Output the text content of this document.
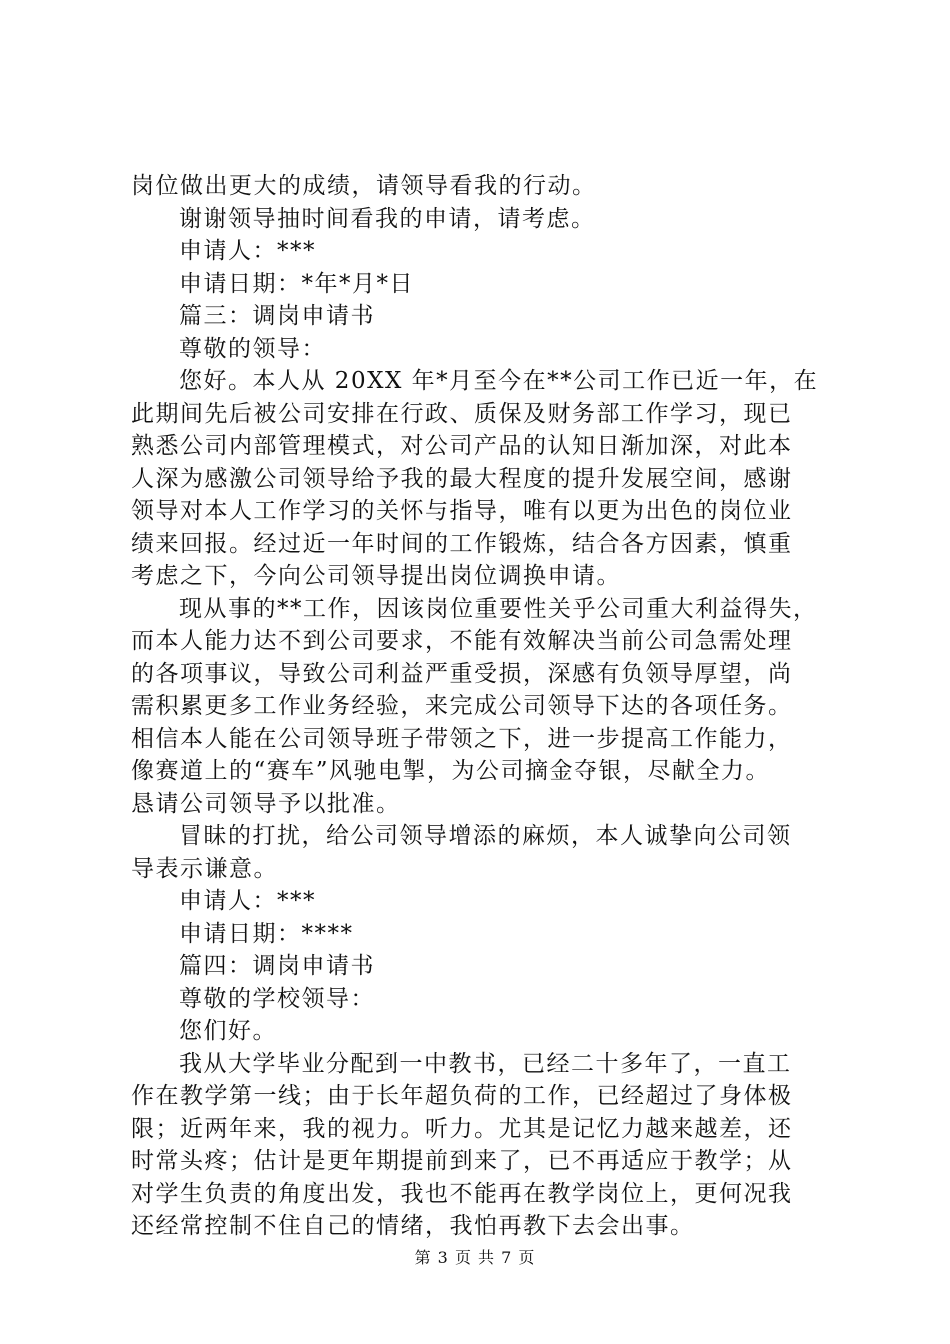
岗位做出更大的成绩，请领导看我的行动。
谢谢领导抽时间看我的申请，请考虑。
申请人：***
申请日期：*年*月*日
篇三：调岗申请书
尊敬的领导：
您好。本人从 20XX 年*月至今在**公司工作已近一年，在
此期间先后被公司安排在行政、质保及财务部工作学习，现已
熟悉公司内部管理模式，对公司产品的认知日渐加深，对此本
人深为感激公司领导给予我的最大程度的提升发展空间，感谢
领导对本人工作学习的关怀与指导，唯有以更为出色的岗位业
绩来回报。经过近一年时间的工作锻炼，结合各方因素，慎重
考虑之下，今向公司领导提出岗位调换申请。
现从事的**工作，因该岗位重要性关乎公司重大利益得失，
而本人能力达不到公司要求，不能有效解决当前公司急需处理
的各项事议，导致公司利益严重受损，深感有负领导厚望，尚
需积累更多工作业务经验，来完成公司领导下达的各项任务。
相信本人能在公司领导班子带领之下，进一步提高工作能力，
像赛道上的“赛车”风驰电掣，为公司摘金夺银，尽献全力。
恳请公司领导予以批准。
冒昧的打扰，给公司领导增添的麻烦，本人诚挚向公司领
导表示谦意。
申请人：***
申请日期：****
篇四：调岗申请书
尊敬的学校领导：
您们好。
我从大学毕业分配到一中教书，已经二十多年了，一直工
作在教学第一线；由于长年超负荷的工作，已经超过了身体极
限；近两年来，我的视力。听力。尤其是记忆力越来越差，还
时常头疼；估计是更年期提前到来了，已不再适应于教学；从
对学生负责的角度出发，我也不能再在教学岗位上，更何况我
还经常控制不住自己的情绪，我怕再教下去会出事。
第 3 页 共 7 页
